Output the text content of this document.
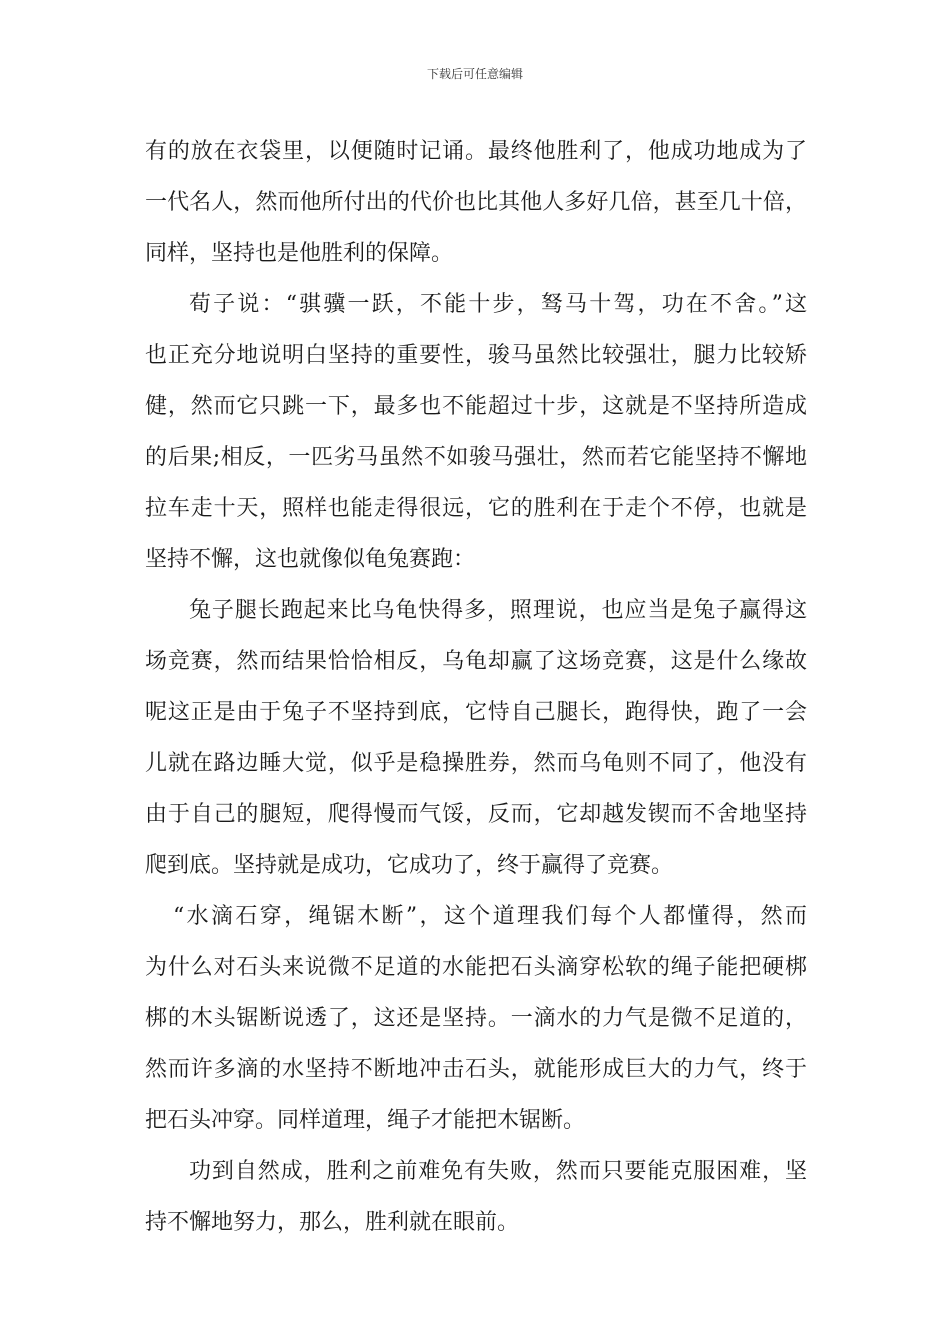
下载后可任意编辑
有的放在衣袋里，以便随时记诵。最终他胜利了，他成功地成为了
一代名人，然而他所付出的代价也比其他人多好几倍，甚至几十倍，
同样，坚持也是他胜利的保障。
荀子说：“骐骥一跃，不能十步，驽马十驾，功在不舍。”这
也正充分地说明白坚持的重要性，骏马虽然比较强壮，腿力比较矫
健，然而它只跳一下，最多也不能超过十步，这就是不坚持所造成
的后果;相反，一匹劣马虽然不如骏马强壮，然而若它能坚持不懈地
拉车走十天，照样也能走得很远，它的胜利在于走个不停，也就是
坚持不懈，这也就像似龟兔赛跑：
兔子腿长跑起来比乌龟快得多，照理说，也应当是兔子赢得这
场竞赛，然而结果恰恰相反，乌龟却赢了这场竞赛，这是什么缘故
呢这正是由于兔子不坚持到底，它恃自己腿长，跑得快，跑了一会
儿就在路边睡大觉，似乎是稳操胜券，然而乌龟则不同了，他没有
由于自己的腿短，爬得慢而气馁，反而，它却越发锲而不舍地坚持
爬到底。坚持就是成功，它成功了，终于赢得了竞赛。
“水滴石穿，绳锯木断”，这个道理我们每个人都懂得，然而
为什么对石头来说微不足道的水能把石头滴穿松软的绳子能把硬梆
梆的木头锯断说透了，这还是坚持。一滴水的力气是微不足道的，
然而许多滴的水坚持不断地冲击石头，就能形成巨大的力气，终于
把石头冲穿。同样道理，绳子才能把木锯断。
功到自然成，胜利之前难免有失败，然而只要能克服困难，坚
持不懈地努力，那么，胜利就在眼前。
